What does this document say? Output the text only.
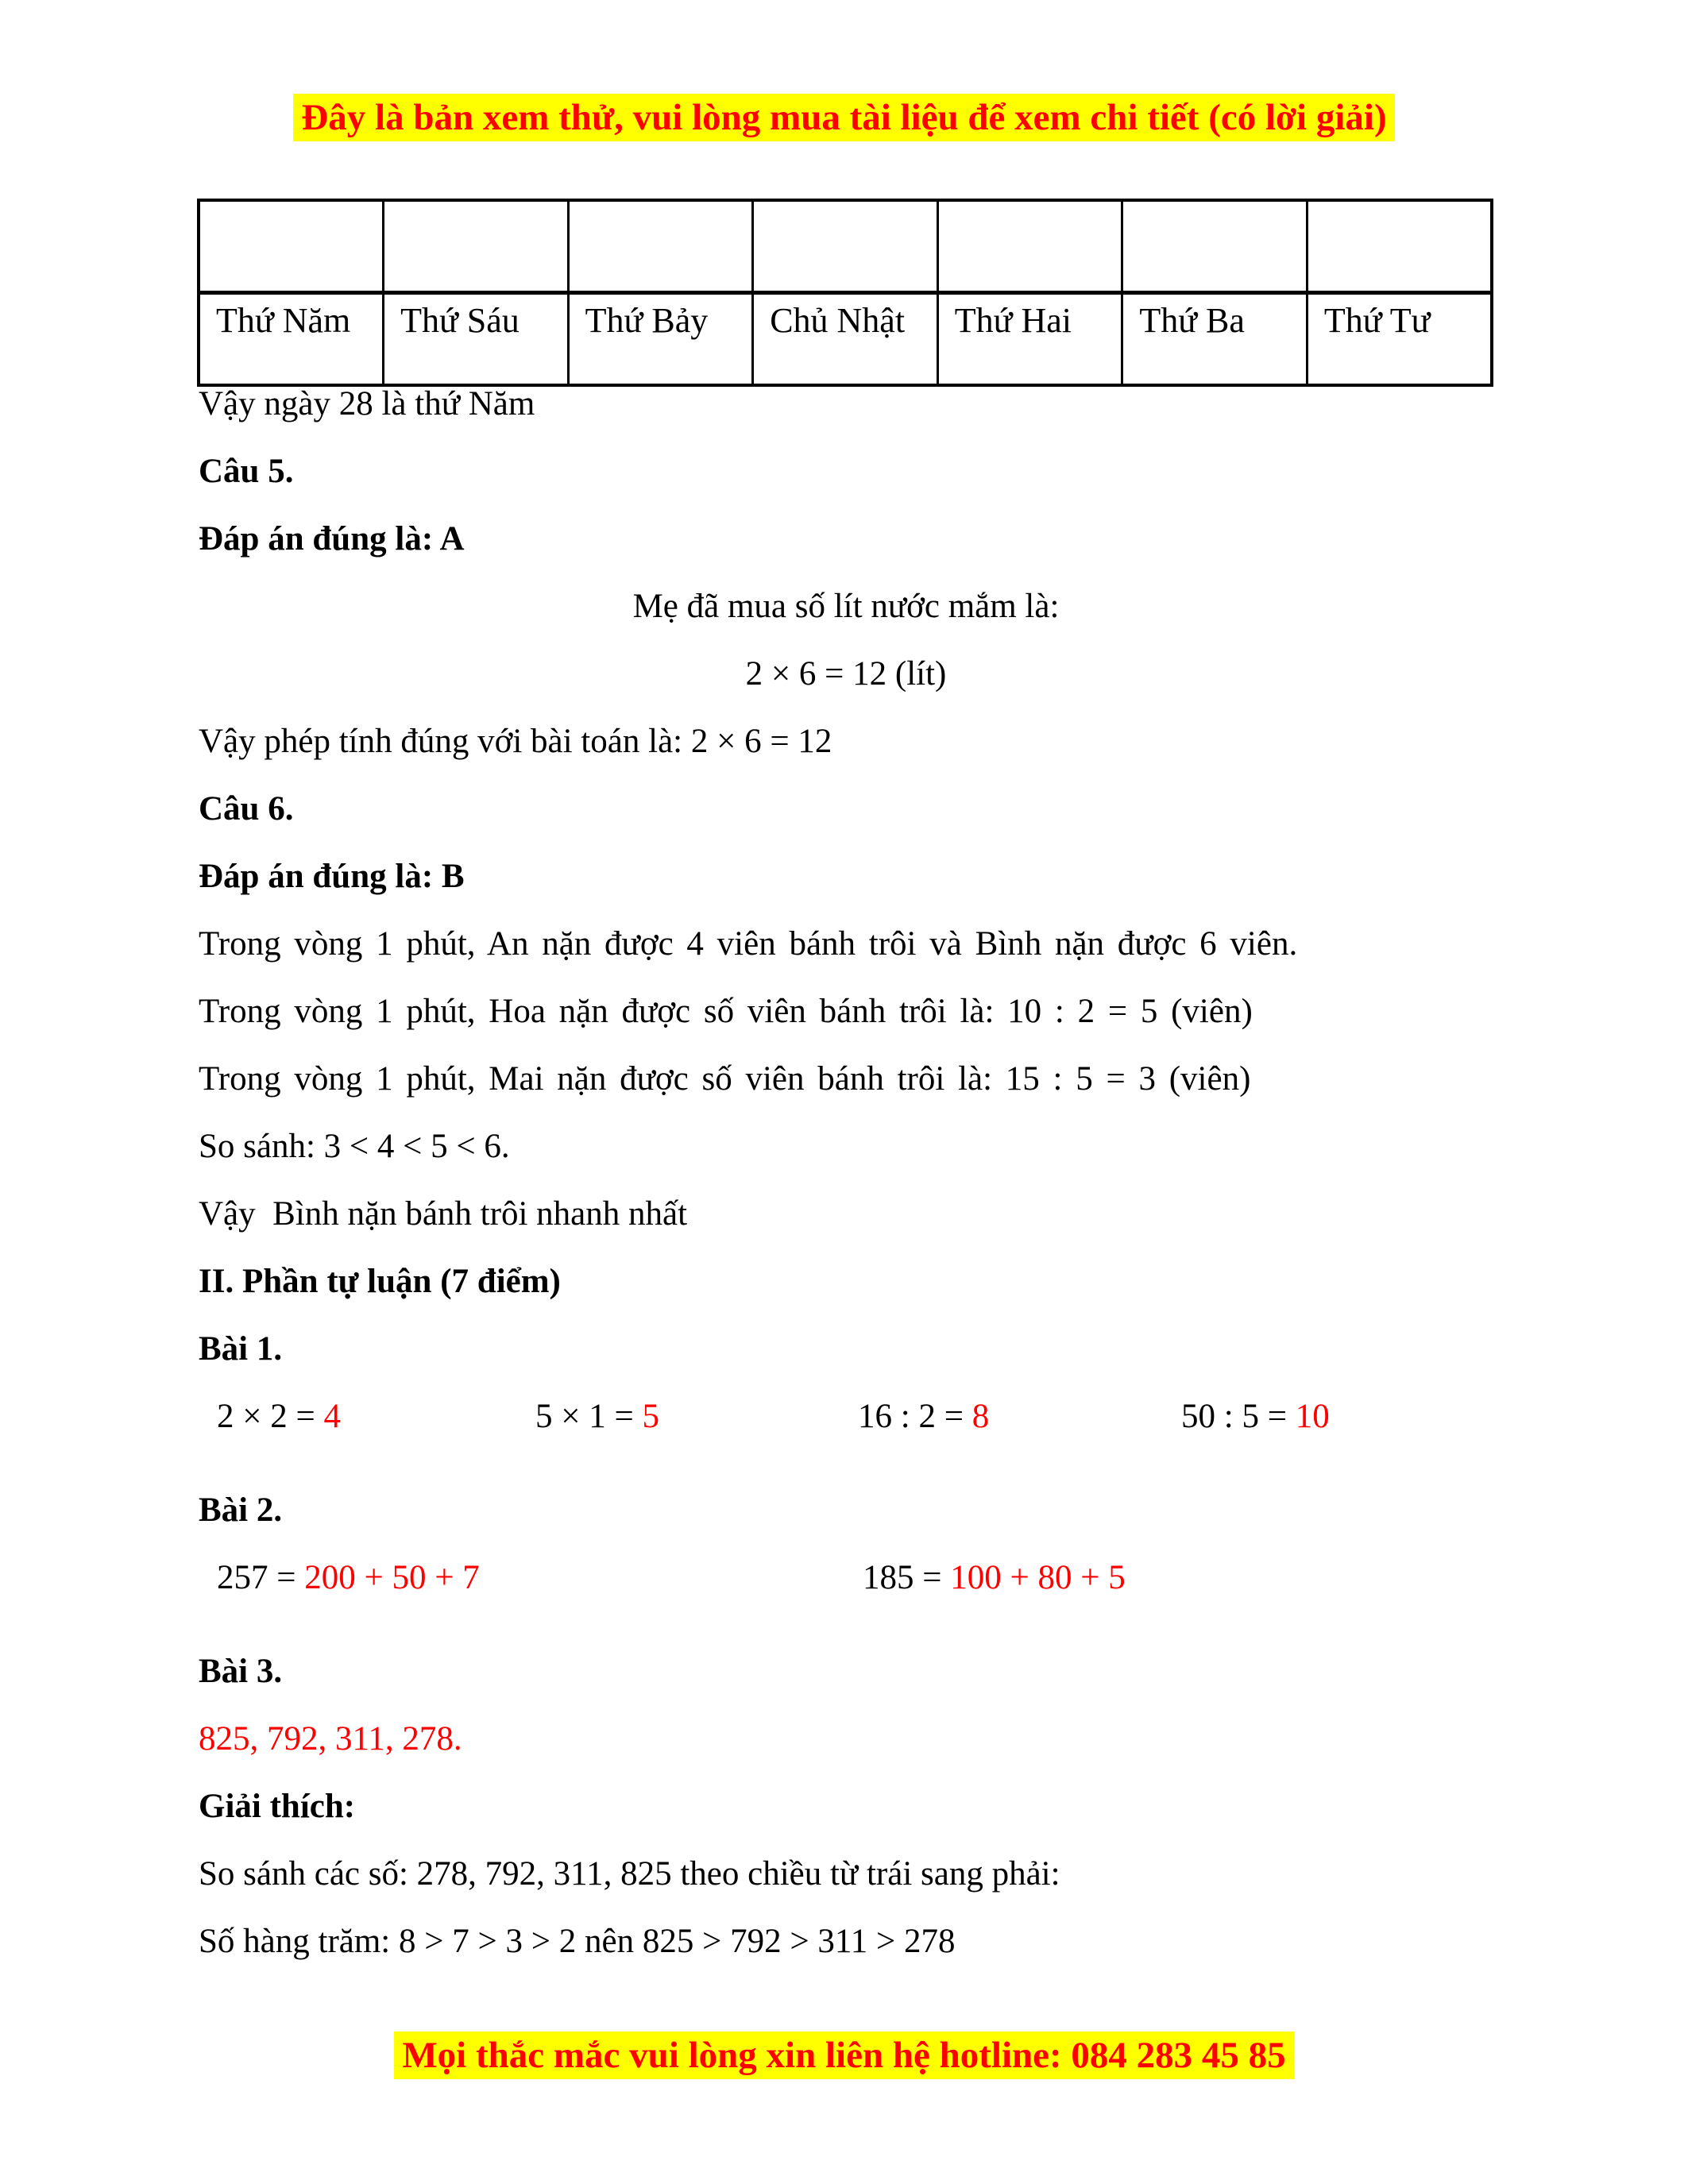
Đây là bản xem thử, vui lòng mua tài liệu để xem chi tiết (có lời giải)

Thứ Năm	Thứ Sáu	Thứ Bảy	Chủ Nhật	Thứ Hai	Thứ Ba	Thứ Tư

Vậy ngày 28 là thứ Năm

Câu 5.

Đáp án đúng là: A

Mẹ đã mua số lít nước mắm là:

2 × 6 = 12 (lít)

Vậy phép tính đúng với bài toán là: 2 × 6 = 12

Câu 6.

Đáp án đúng là: B

Trong vòng 1 phút, An nặn được 4 viên bánh trôi và Bình nặn được 6 viên.

Trong vòng 1 phút, Hoa nặn được số viên bánh trôi là: 10 : 2 = 5 (viên)

Trong vòng 1 phút, Mai nặn được số viên bánh trôi là: 15 : 5 = 3 (viên)

So sánh: 3 < 4 < 5 < 6.

Vậy  Bình nặn bánh trôi nhanh nhất

II. Phần tự luận (7 điểm)

Bài 1.

2 × 2 = 4	5 × 1 = 5	16 : 2 = 8	50 : 5 = 10

Bài 2.

257 = 200 + 50 + 7	185 = 100 + 80 + 5

Bài 3.

825, 792, 311, 278.

Giải thích:

So sánh các số: 278, 792, 311, 825 theo chiều từ trái sang phải:

Số hàng trăm: 8 > 7 > 3 > 2 nên 825 > 792 > 311 > 278

Mọi thắc mắc vui lòng xin liên hệ hotline: 084 283 45 85
